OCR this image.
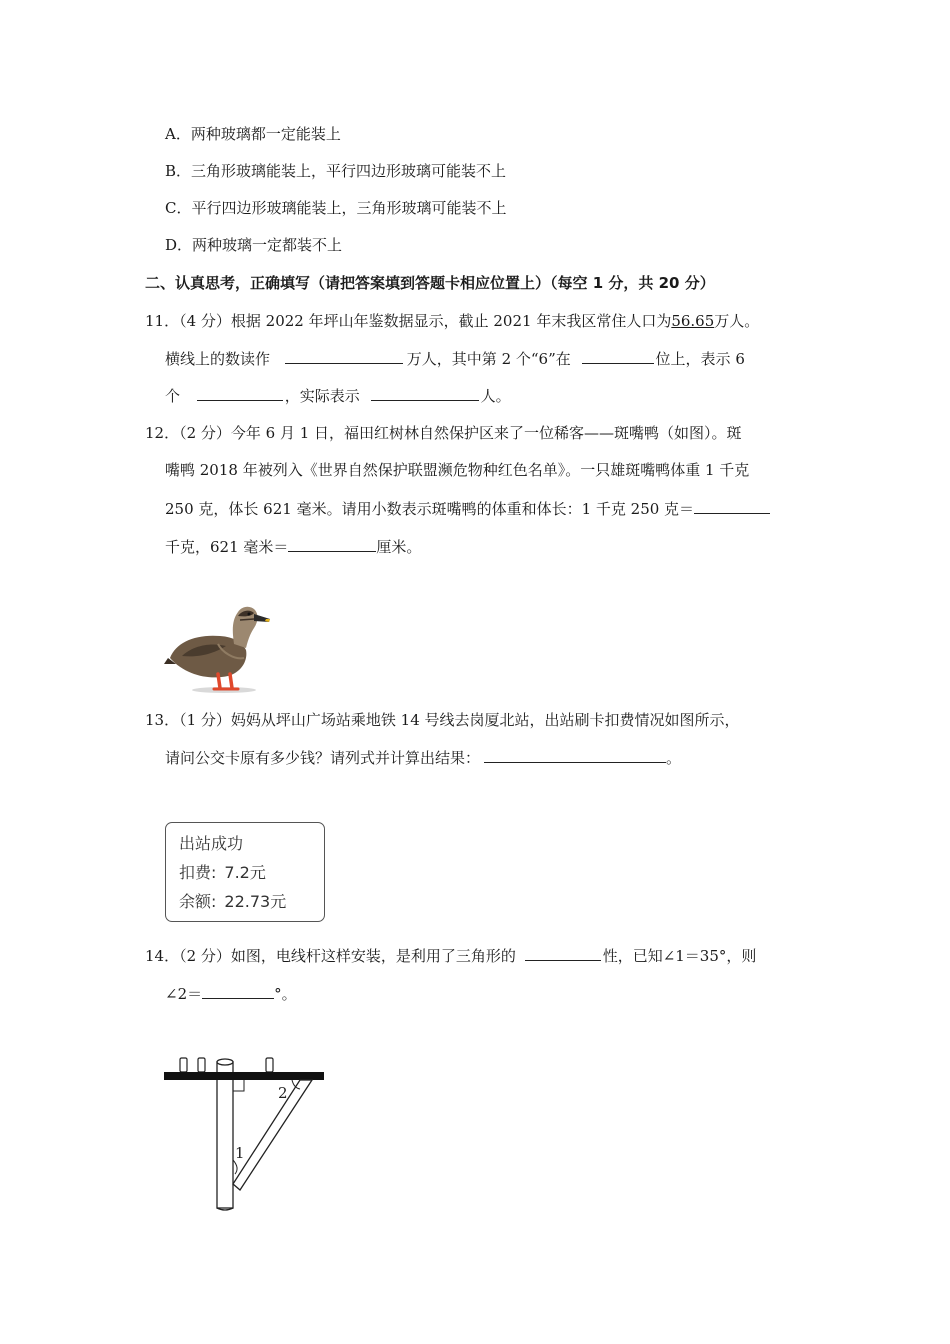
A．两种玻璃都一定能装上
B．三角形玻璃能装上，平行四边形玻璃可能装不上
C．平行四边形玻璃能装上，三角形玻璃可能装不上
D．两种玻璃一定都装不上
二、认真思考，正确填写（请把答案填到答题卡相应位置上）（每空 1 分，共 20 分）
11．（4 分）根据 2022 年坪山年鉴数据显示，截止 2021 年末我区常住人口为56.65万人。
横线上的数读作	万人，其中第 2 个“6”在	位上，表示 6
个	，实际表示	人。
12．（2 分）今年 6 月 1 日，福田红树林自然保护区来了一位稀客——斑嘴鸭（如图）。斑
嘴鸭 2018 年被列入《世界自然保护联盟濒危物种红色名单》。一只雄斑嘴鸭体重 1 千克
250 克，体长 621 毫米。请用小数表示斑嘴鸭的体重和体长：1 千克 250 克＝
千克，621 毫米＝	厘米。
13．（1 分）妈妈从坪山广场站乘地铁 14 号线去岗厦北站，出站刷卡扣费情况如图所示，
请问公交卡原有多少钱？请列式并计算出结果：	。
出站成功
扣费: 7.2元
余额: 22.73元
14．（2 分）如图，电线杆这样安装，是利用了三角形的	性，已知∠1＝35°，则
∠2＝	°。
1
2
